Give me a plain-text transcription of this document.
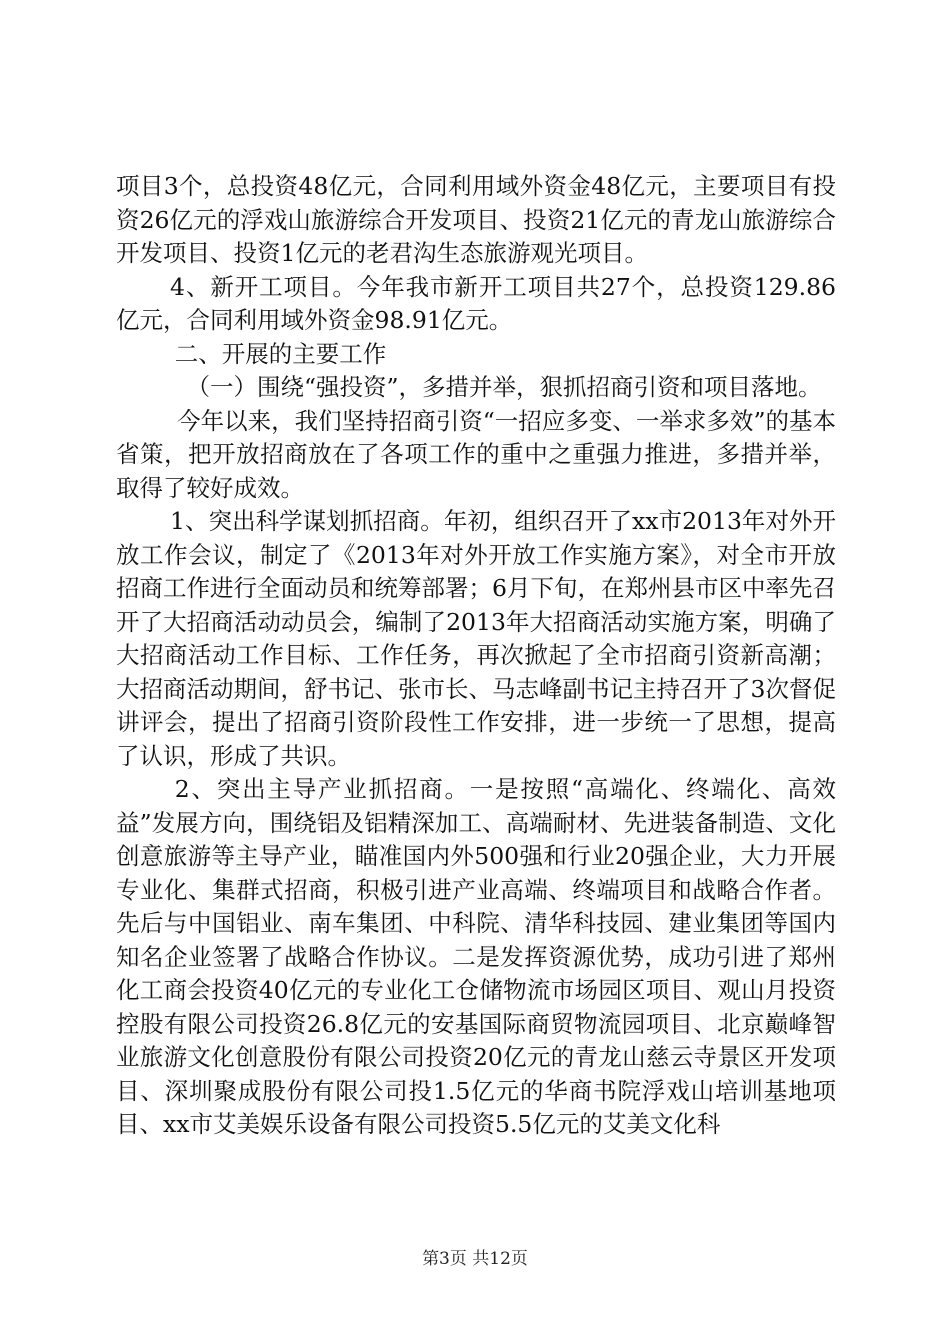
项目3个，总投资48亿元，合同利用域外资金48亿元，主要项目有投资26亿元的浮戏山旅游综合开发项目、投资21亿元的青龙山旅游综合开发项目、投资1亿元的老君沟生态旅游观光项目。

4、新开工项目。今年我市新开工项目共27个，总投资129.86亿元，合同利用域外资金98.91亿元。

二、开展的主要工作

（一）围绕“强投资”，多措并举，狠抓招商引资和项目落地。

今年以来，我们坚持招商引资“一招应多变、一举求多效”的基本省策，把开放招商放在了各项工作的重中之重强力推进，多措并举，取得了较好成效。

1、突出科学谋划抓招商。年初，组织召开了xx市2013年对外开放工作会议，制定了《2013年对外开放工作实施方案》，对全市开放招商工作进行全面动员和统筹部署；6月下旬，在郑州县市区中率先召开了大招商活动动员会，编制了2013年大招商活动实施方案，明确了大招商活动工作目标、工作任务，再次掀起了全市招商引资新高潮；大招商活动期间，舒书记、张市长、马志峰副书记主持召开了3次督促讲评会，提出了招商引资阶段性工作安排，进一步统一了思想，提高了认识，形成了共识。

2、突出主导产业抓招商。一是按照“高端化、终端化、高效益”发展方向，围绕铝及铝精深加工、高端耐材、先进装备制造、文化创意旅游等主导产业，瞄准国内外500强和行业20强企业，大力开展专业化、集群式招商，积极引进产业高端、终端项目和战略合作者。先后与中国铝业、南车集团、中科院、清华科技园、建业集团等国内知名企业签署了战略合作协议。二是发挥资源优势，成功引进了郑州化工商会投资40亿元的专业化工仓储物流市场园区项目、观山月投资控股有限公司投资26.8亿元的安基国际商贸物流园项目、北京巅峰智业旅游文化创意股份有限公司投资20亿元的青龙山慈云寺景区开发项目、深圳聚成股份有限公司投1.5亿元的华商书院浮戏山培训基地项目、xx市艾美娱乐设备有限公司投资5.5亿元的艾美文化科

第3页 共12页
